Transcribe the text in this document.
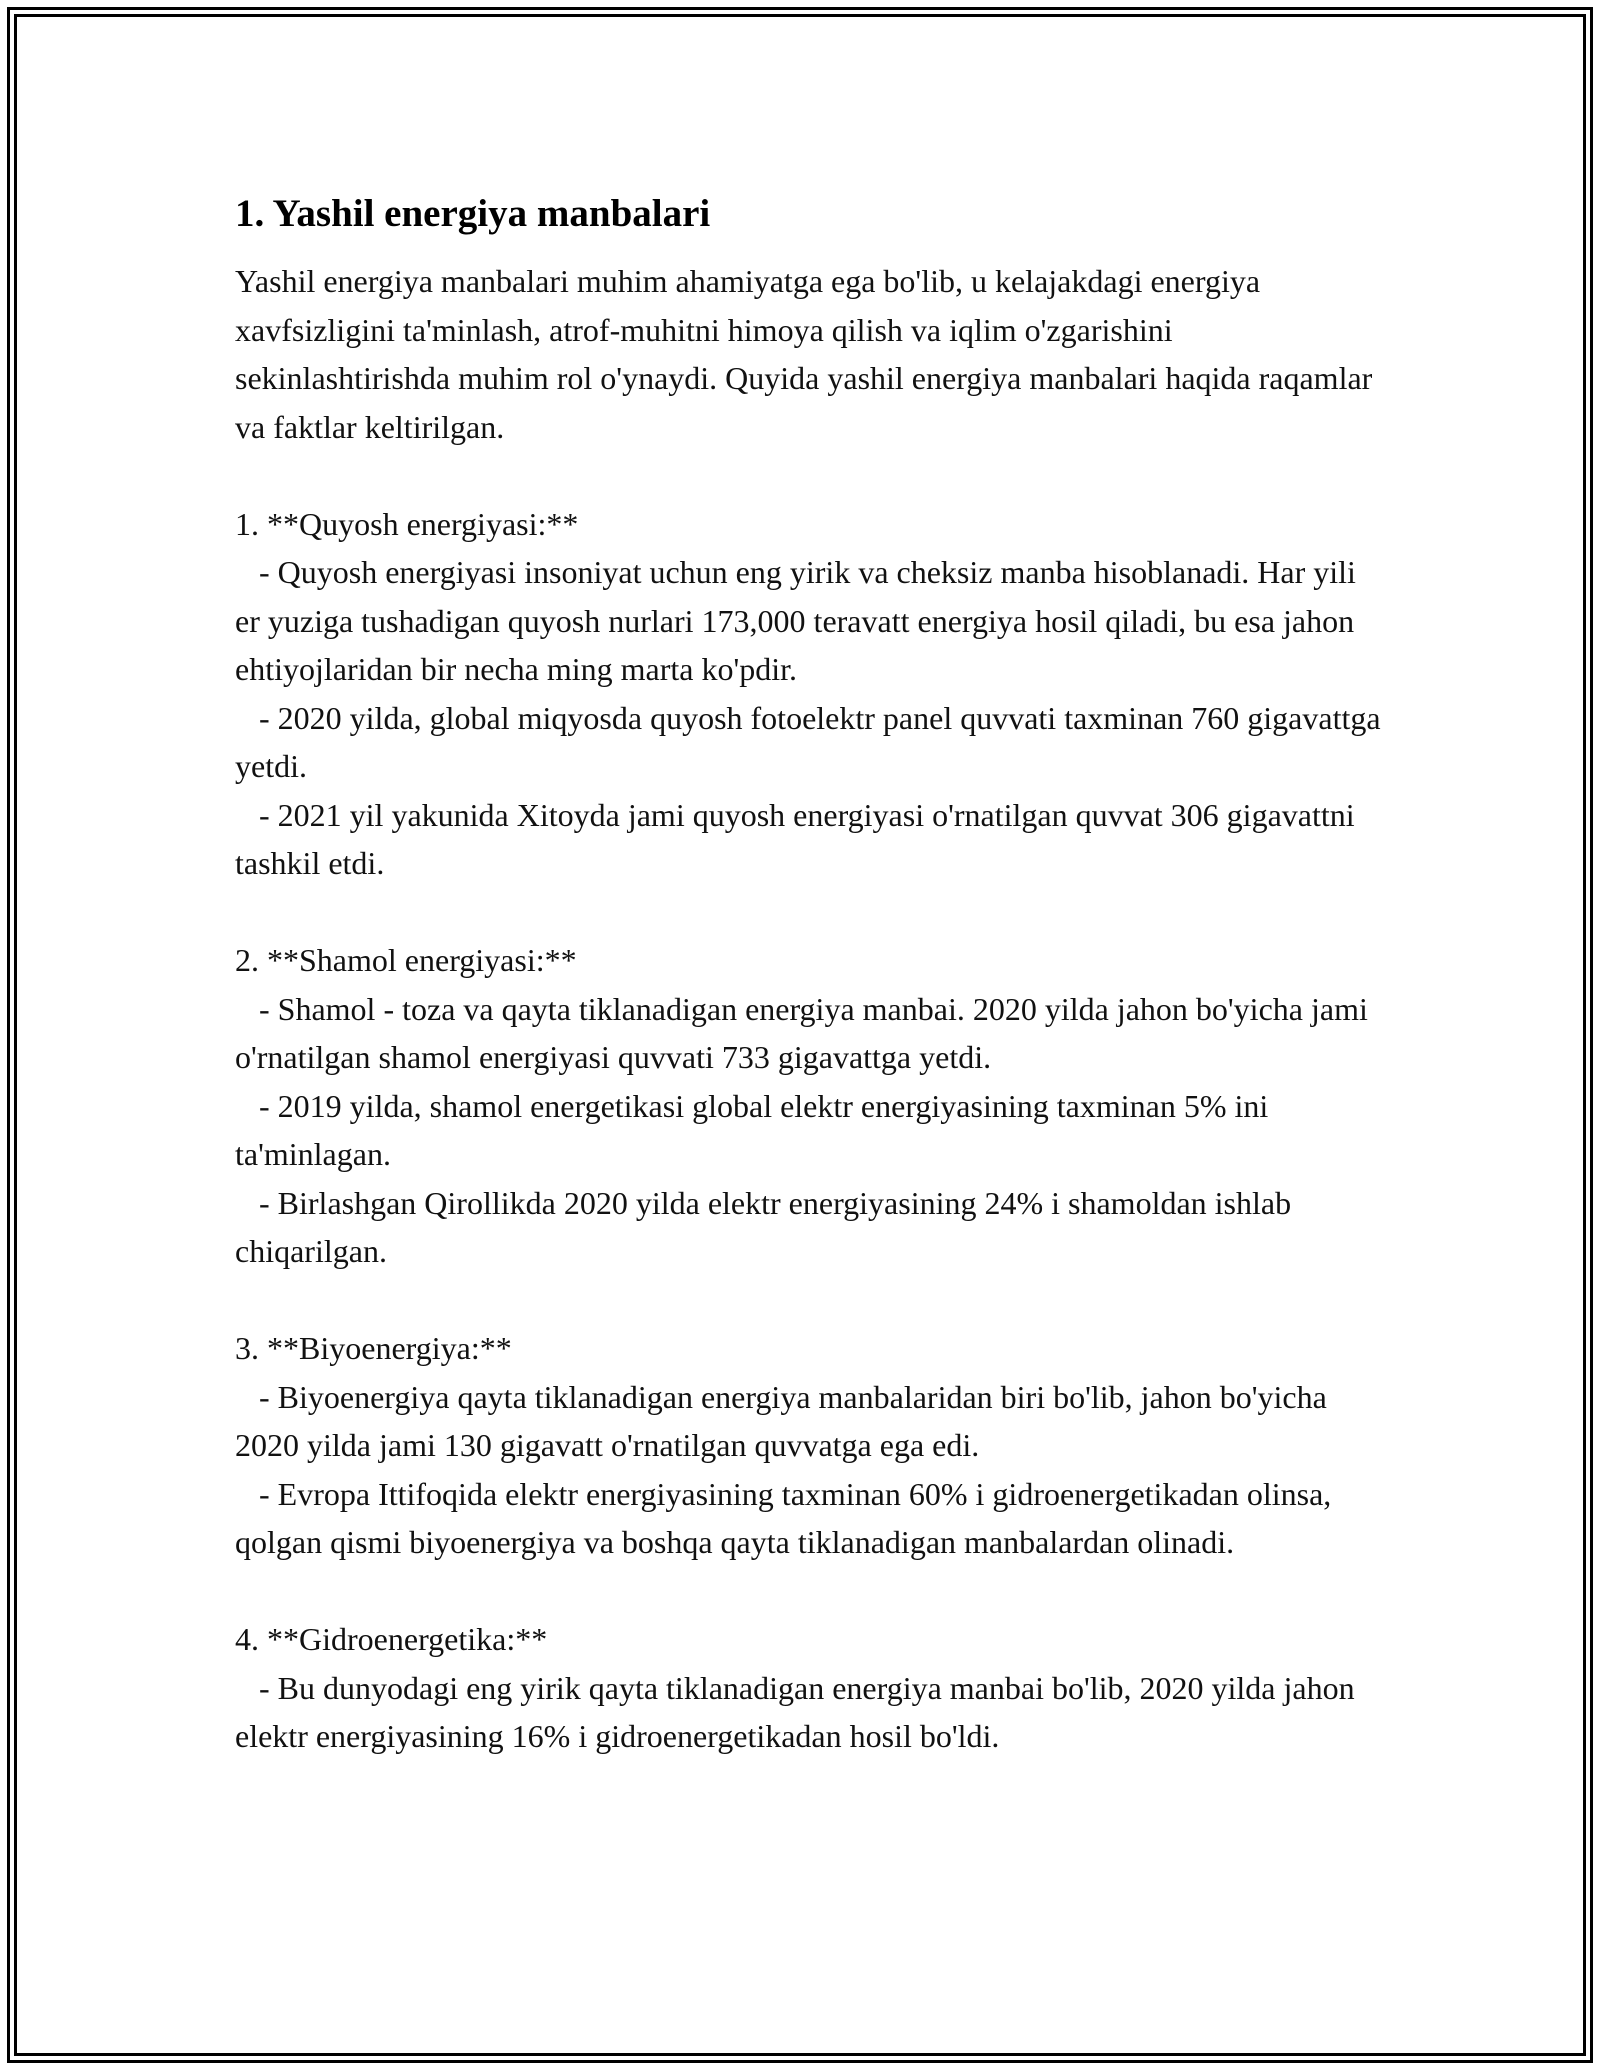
1. Yashil energiya manbalari

Yashil energiya manbalari muhim ahamiyatga ega bo'lib, u kelajakdagi energiya xavfsizligini ta'minlash, atrof-muhitni himoya qilish va iqlim o'zgarishini sekinlashtirishda muhim rol o'ynaydi. Quyida yashil energiya manbalari haqida raqamlar va faktlar keltirilgan.

1. **Quyosh energiyasi:**

- Quyosh energiyasi insoniyat uchun eng yirik va cheksiz manba hisoblanadi. Har yili er yuziga tushadigan quyosh nurlari 173,000 teravatt energiya hosil qiladi, bu esa jahon ehtiyojlaridan bir necha ming marta ko'pdir.

- 2020 yilda, global miqyosda quyosh fotoelektr panel quvvati taxminan 760 gigavattga yetdi.

- 2021 yil yakunida Xitoyda jami quyosh energiyasi o'rnatilgan quvvat 306 gigavattni tashkil etdi.

2. **Shamol energiyasi:**

- Shamol - toza va qayta tiklanadigan energiya manbai. 2020 yilda jahon bo'yicha jami o'rnatilgan shamol energiyasi quvvati 733 gigavattga yetdi.

- 2019 yilda, shamol energetikasi global elektr energiyasining taxminan 5% ini ta'minlagan.

- Birlashgan Qirollikda 2020 yilda elektr energiyasining 24% i shamoldan ishlab chiqarilgan.

3. **Biyoenergiya:**

- Biyoenergiya qayta tiklanadigan energiya manbalaridan biri bo'lib, jahon bo'yicha 2020 yilda jami 130 gigavatt o'rnatilgan quvvatga ega edi.

- Evropa Ittifoqida elektr energiyasining taxminan 60% i gidroenergetikadan olinsa, qolgan qismi biyoenergiya va boshqa qayta tiklanadigan manbalardan olinadi.

4. **Gidroenergetika:**

- Bu dunyodagi eng yirik qayta tiklanadigan energiya manbai bo'lib, 2020 yilda jahon elektr energiyasining 16% i gidroenergetikadan hosil bo'ldi.
